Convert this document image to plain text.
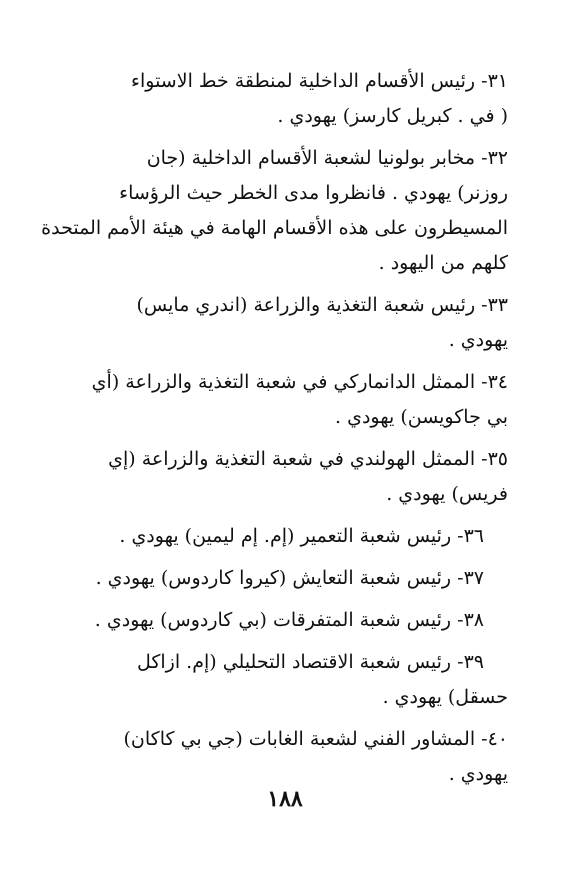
٣١- رئيس الأقسام الداخلية لمنطقة خط الاستواء
( في . كبريل كارسز) يهودي .
٣٢- مخابر بولونيا لشعبة الأقسام الداخلية (جان
روزنر) يهودي . فانظروا مدى الخطر حيث الرؤساء
المسيطرون على هذه الأقسام الهامة في هيئة الأمم المتحدة
كلهم من اليهود .
٣٣- رئيس شعبة التغذية والزراعة (اندري مايس)
يهودي .
٣٤- الممثل الدانماركي في شعبة التغذية والزراعة (أي
بي جاكويسن) يهودي .
٣٥- الممثل الهولندي في شعبة التغذية والزراعة (إي
فريس) يهودي .
٣٦- رئيس شعبة التعمير (إم. إم ليمين) يهودي .
٣٧- رئيس شعبة التعايش (كيروا كاردوس) يهودي .
٣٨- رئيس شعبة المتفرقات (بي كاردوس) يهودي .
٣٩- رئيس شعبة الاقتصاد التحليلي (إم. ازاكل
حسقل) يهودي .
٤٠- المشاور الفني لشعبة الغابات (جي بي كاكان)
يهودي .
١٨٨
